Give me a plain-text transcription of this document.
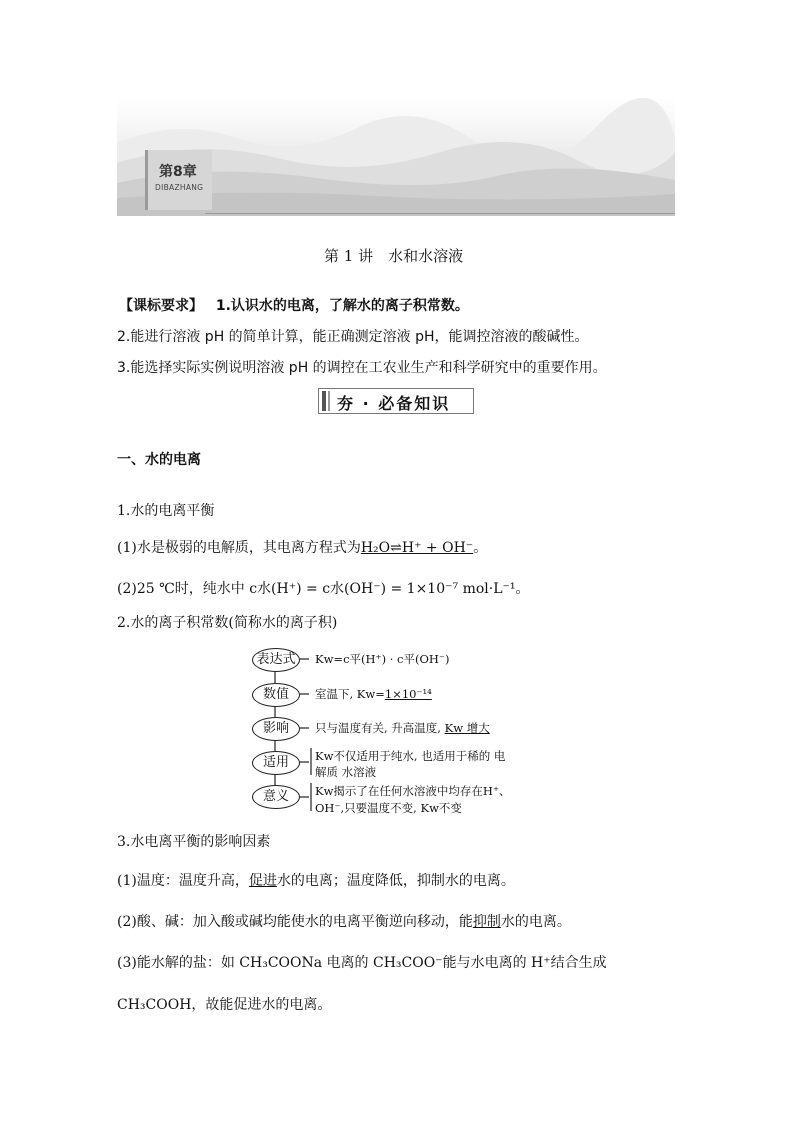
第8章
DIBAZHANG
第 1 讲　水和水溶液
【课标要求】 1.认识水的电离，了解水的离子积常数。
2.能进行溶液 pH 的简单计算，能正确测定溶液 pH，能调控溶液的酸碱性。
3.能选择实际实例说明溶液 pH 的调控在工农业生产和科学研究中的重要作用。
夯 · 必备知识
一、水的电离
1.水的电离平衡
(1)水是极弱的电解质，其电离方程式为H₂O⇌H⁺ + OH⁻。
(2)25 ℃时，纯水中 c水(H⁺) = c水(OH⁻) = 1×10⁻⁷ mol·L⁻¹。
2.水的离子积常数(简称水的离子积)
表达式	Kw=c平(H⁺) · c平(OH⁻)
数值	室温下, Kw=1×10⁻¹⁴
影响	只与温度有关, 升高温度, Kw 增大
适用	Kw不仅适用于纯水, 也适用于稀的 电
解质 水溶液
意义	Kw揭示了在任何水溶液中均存在H⁺、
OH⁻,只要温度不变, Kw不变
3.水电离平衡的影响因素
(1)温度：温度升高，促进水的电离；温度降低，抑制水的电离。
(2)酸、碱：加入酸或碱均能使水的电离平衡逆向移动，能抑制水的电离。
(3)能水解的盐：如 CH₃COONa 电离的 CH₃COO⁻能与水电离的 H⁺结合生成
CH₃COOH，故能促进水的电离。
